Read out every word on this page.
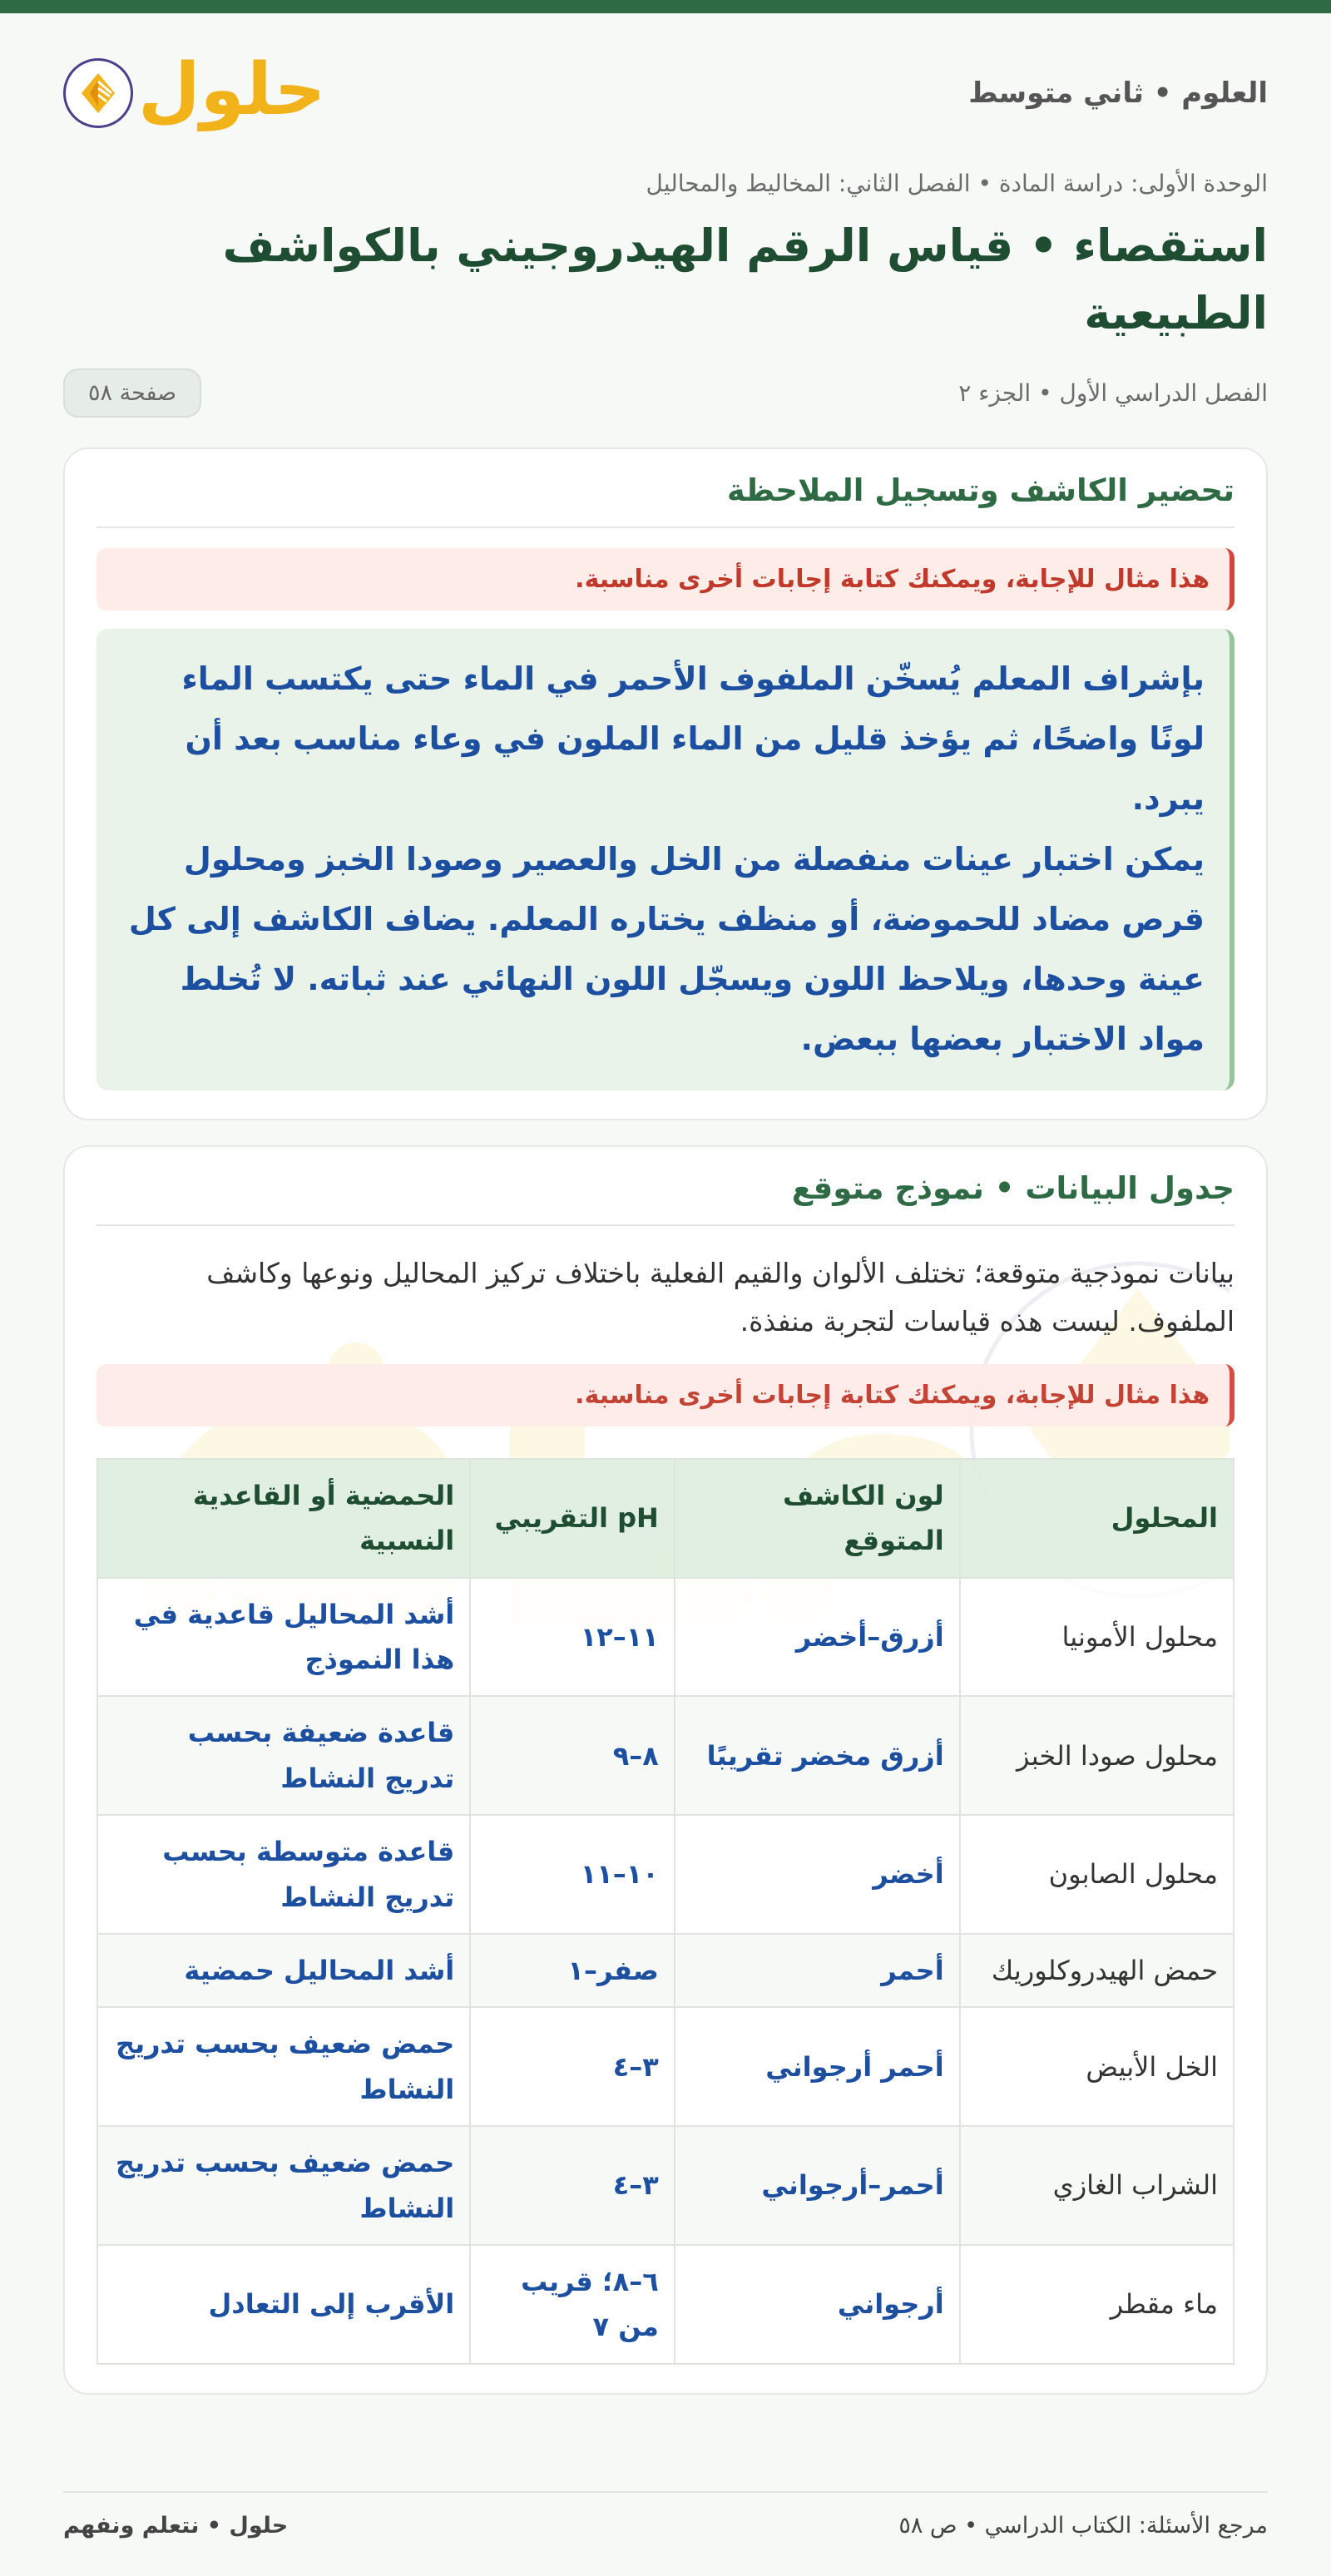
العلوم • ثاني متوسط
حلول
الوحدة الأولى: دراسة المادة • الفصل الثاني: المخاليط والمحاليل
استقصاء • قياس الرقم الهيدروجيني بالكواشف الطبيعية
الفصل الدراسي الأول • الجزء ٢
صفحة ٥٨
تحضير الكاشف وتسجيل الملاحظة
هذا مثال للإجابة، ويمكنك كتابة إجابات أخرى مناسبة.

بإشراف المعلم يُسخّن الملفوف الأحمر في الماء حتى يكتسب الماء لونًا واضحًا، ثم يؤخذ قليل من الماء الملون في وعاء مناسب بعد أن يبرد.

يمكن اختبار عينات منفصلة من الخل والعصير وصودا الخبز ومحلول قرص مضاد للحموضة، أو منظف يختاره المعلم. يضاف الكاشف إلى كل عينة وحدها، ويلاحظ اللون ويسجّل اللون النهائي عند ثباته. لا تُخلط مواد الاختبار بعضها ببعض.

جدول البيانات • نموذج متوقع

بيانات نموذجية متوقعة؛ تختلف الألوان والقيم الفعلية باختلاف تركيز المحاليل ونوعها وكاشف الملفوف. ليست هذه قياسات لتجربة منفذة.

هذا مثال للإجابة، ويمكنك كتابة إجابات أخرى مناسبة.
المحلول	لون الكاشف المتوقع	pH التقريبي	الحمضية أو القاعدية النسبية
محلول الأمونيا	أزرق–أخضر	١١–١٢	أشد المحاليل قاعدية في هذا النموذج
محلول صودا الخبز	أزرق مخضر تقريبًا	٨–٩	قاعدة ضعيفة بحسب تدريج النشاط
محلول الصابون	أخضر	١٠–١١	قاعدة متوسطة بحسب تدريج النشاط
حمض الهيدروكلوريك	أحمر	صفر–١	أشد المحاليل حمضية
الخل الأبيض	أحمر أرجواني	٣–٤	حمض ضعيف بحسب تدريج النشاط
الشراب الغازي	أحمر–أرجواني	٣–٤	حمض ضعيف بحسب تدريج النشاط
ماء مقطر	أرجواني	٦–٨؛ قريب من ٧	الأقرب إلى التعادل
مرجع الأسئلة: الكتاب الدراسي • ص ٥٨
حلول • نتعلم ونفهم
